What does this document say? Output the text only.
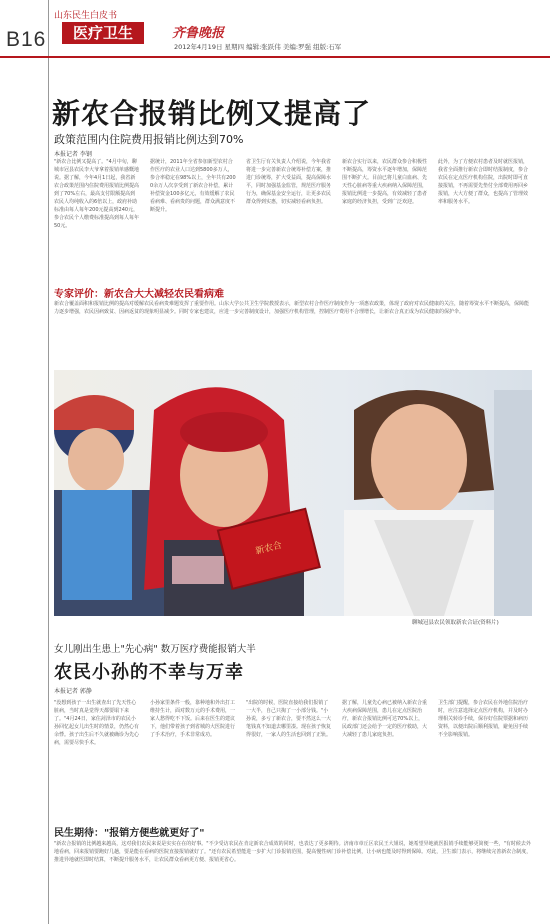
B16
山东民生白皮书
医疗卫生	齐鲁晚报
2012年4月19日 星期四 编辑:张跃伟 美编:罗强 组版:石军
新农合报销比例又提高了
政策范围内住院费用报销比例达到70%
本报记者 李钢
"新农合比例又提高了。"4月中旬，聊城市冠县农民李大爷拿着报销单感慨地说。据了解，今年4月1日起，我省新农合政策范围内住院费用报销比例提高到了70%左右，最高支付限额提高到农民人均纯收入的6倍以上，政府补助标准由每人每年200元提高到240元，参合农民个人缴费标准提高到每人每年50元。
据统计，2011年全省参加新型农村合作医疗的农业人口达到5800多万人，参合率稳定在98%以上，全年共有2000余万人次享受到了新农合补偿，累计补偿资金100多亿元，有效缓解了农民看病难、看病贵的问题，群众满意度不断提升。
省卫生厅有关负责人介绍说，今年我省将进一步完善新农合统筹补偿方案，推进门诊统筹，扩大受益面，提高保障水平，同时加强基金监管，规范医疗服务行为，确保基金安全运行，让更多农民群众得到实惠，切实减轻看病负担。
新农合实行以来，农民群众参合积极性不断提高，筹资水平逐年增加，保障范围不断扩大。目前已将儿童白血病、先天性心脏病等重大疾病纳入保障范围，报销比例进一步提高，有效减轻了患者家庭的经济负担，受到广泛欢迎。
此外，为了方便农村患者及时就医报销，我省全面推行新农合即时结报制度，参合农民在定点医疗机构住院，出院时即可直接报销，不再需要先垫付全部费用再回乡报销，大大方便了群众，也提高了管理效率和服务水平。
专家评价：新农合大大减轻农民看病难
新农合覆盖面积和报销比例的提高对缓解农民看病贵难题发挥了重要作用。山东大学公共卫生学院教授表示，新型农村合作医疗制度作为一项惠农政策，体现了政府对农民健康的关注，随着筹资水平不断提高，保障能力逐步增强，农民因病致贫、因病返贫的现象明显减少。同时专家也建议，应进一步完善制度设计，加强医疗机构管理，控制医疗费用不合理增长，让新农合真正成为农民健康的保护伞。
新农合
聊城冠县农民领取新农合证(资料片)
女儿刚出生患上"先心病" 数万医疗费能报销大半
农民小孙的不幸与万幸
本报记者 郭静
"没想到孩子一出生就查出了先天性心脏病，当时真是觉得天都要塌下来了。"4月24日，家住菏泽市的农民小孙回忆起女儿出生时的情景，仍然心有余悸。孩子出生后不久就被确诊为先心病，需要尽快手术。
小孙家里条件一般，靠种地和外出打工维持生计，面对数万元的手术费用，一家人愁得吃不下饭。后来在医生的建议下，他们带着孩子到省城的大医院进行了手术治疗，手术非常成功。
"出院的时候，医院直接给我们报销了一大半，自己只掏了一小部分钱。"小孙说，多亏了新农合，要不然这么一大笔钱真不知道去哪里凑。现在孩子恢复得很好，一家人的生活也回到了正轨。
据了解，儿童先心病已被纳入新农合重大疾病保障范围，患儿在定点医院治疗，新农合报销比例可达70%以上，民政部门还会给予一定的医疗救助，大大减轻了患儿家庭负担。
卫生部门提醒，参合农民在外地住院治疗时，应注意选择定点医疗机构，并及时办理相关转诊手续，保存好住院票据和病历资料，以便出院后顺利报销，避免因手续不全影响报销。
民生期待："报销方便些就更好了"
"新农合报销的比例越来越高，这对我们农民来说是实实在在的好事。"不少受访农民在肯定新农合成效的同时，也表达了更多期待。济南市章丘区农民王大姐说，她希望异地就医报销手续能够更简便一些，"有时候去外地看病，回来报销要跑好几趟，要是能在看病的医院直接报销就好了。"还有农民希望能进一步扩大门诊报销范围，提高慢性病门诊补偿比例，让小病也能及时得到保障。对此，卫生部门表示，将继续完善新农合制度，推进异地就医即时结算，不断提升服务水平，让农民群众看病更方便、报销更省心。
